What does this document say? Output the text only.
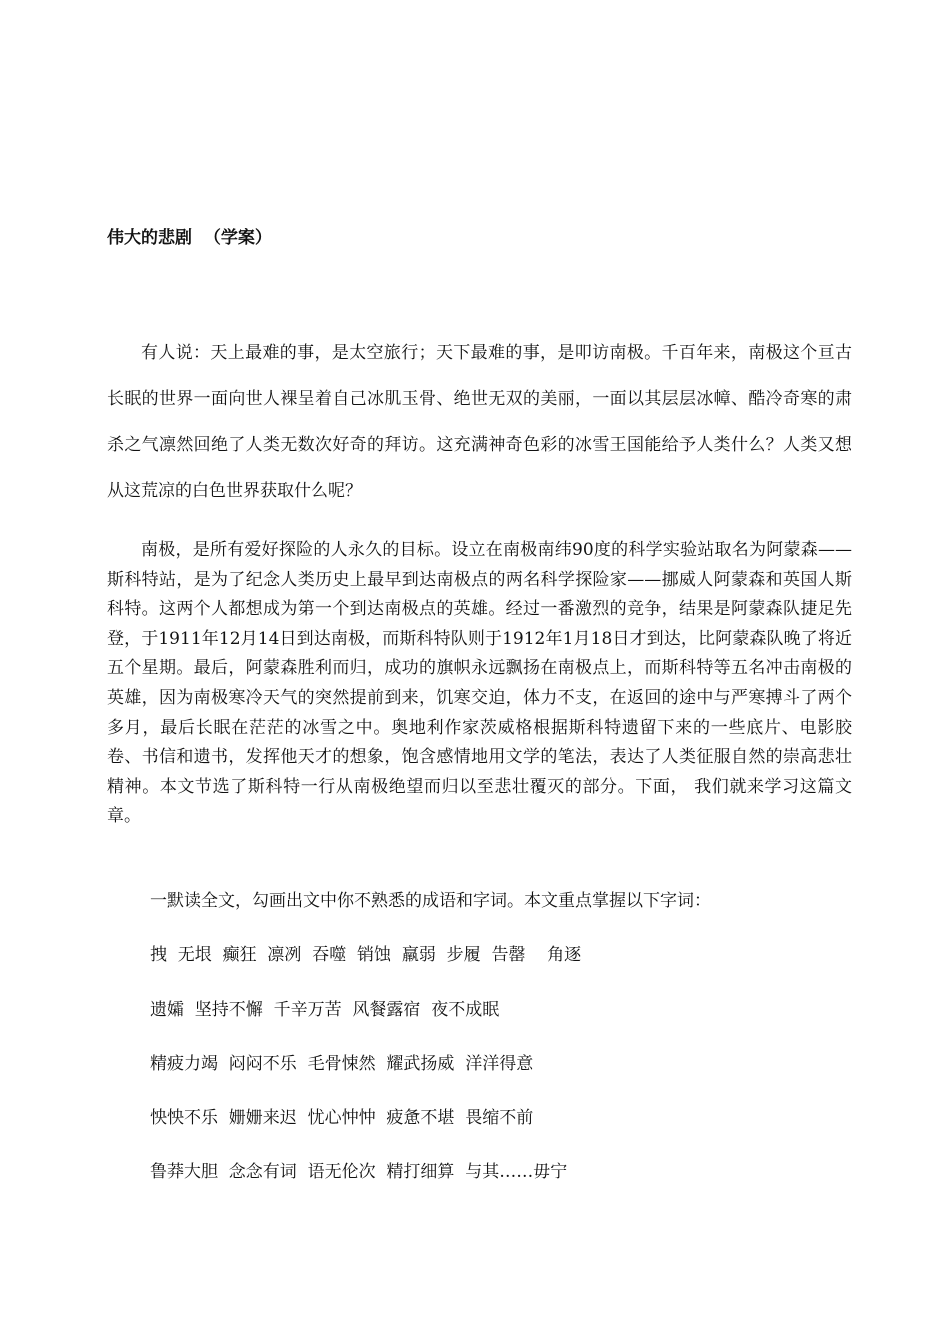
伟大的悲剧  （学案）

有人说：天上最难的事，是太空旅行；天下最难的事，是叩访南极。千百年来，南极这个亘古长眠的世界一面向世人裸呈着自己冰肌玉骨、绝世无双的美丽，一面以其层层冰幛、酷冷奇寒的肃杀之气凛然回绝了人类无数次好奇的拜访。这充满神奇色彩的冰雪王国能给予人类什么？人类又想从这荒凉的白色世界获取什么呢？

南极，是所有爱好探险的人永久的目标。设立在南极南纬90度的科学实验站取名为阿蒙森——斯科特站，是为了纪念人类历史上最早到达南极点的两名科学探险家——挪威人阿蒙森和英国人斯科特。这两个人都想成为第一个到达南极点的英雄。经过一番激烈的竞争，结果是阿蒙森队捷足先登，于1911年12月14日到达南极，而斯科特队则于1912年1月18日才到达，比阿蒙森队晚了将近五个星期。最后，阿蒙森胜利而归，成功的旗帜永远飘扬在南极点上，而斯科特等五名冲击南极的英雄，因为南极寒冷天气的突然提前到来，饥寒交迫，体力不支，在返回的途中与严寒搏斗了两个多月，最后长眠在茫茫的冰雪之中。奥地利作家茨威格根据斯科特遗留下来的一些底片、电影胶卷、书信和遗书，发挥他天才的想象，饱含感情地用文学的笔法，表达了人类征服自然的崇高悲壮精神。本文节选了斯科特一行从南极绝望而归以至悲壮覆灭的部分。下面， 我们就来学习这篇文章。

一默读全文，勾画出文中你不熟悉的成语和字词。本文重点掌握以下字词：

拽  无垠  癫狂  凛冽  吞噬  销蚀  羸弱  步履  告罄    角逐

遗孀  坚持不懈  千辛万苦  风餐露宿  夜不成眠

精疲力竭  闷闷不乐  毛骨悚然  耀武扬威  洋洋得意

怏怏不乐  姗姗来迟  忧心忡忡  疲惫不堪  畏缩不前

鲁莽大胆  念念有词  语无伦次  精打细算  与其……毋宁
